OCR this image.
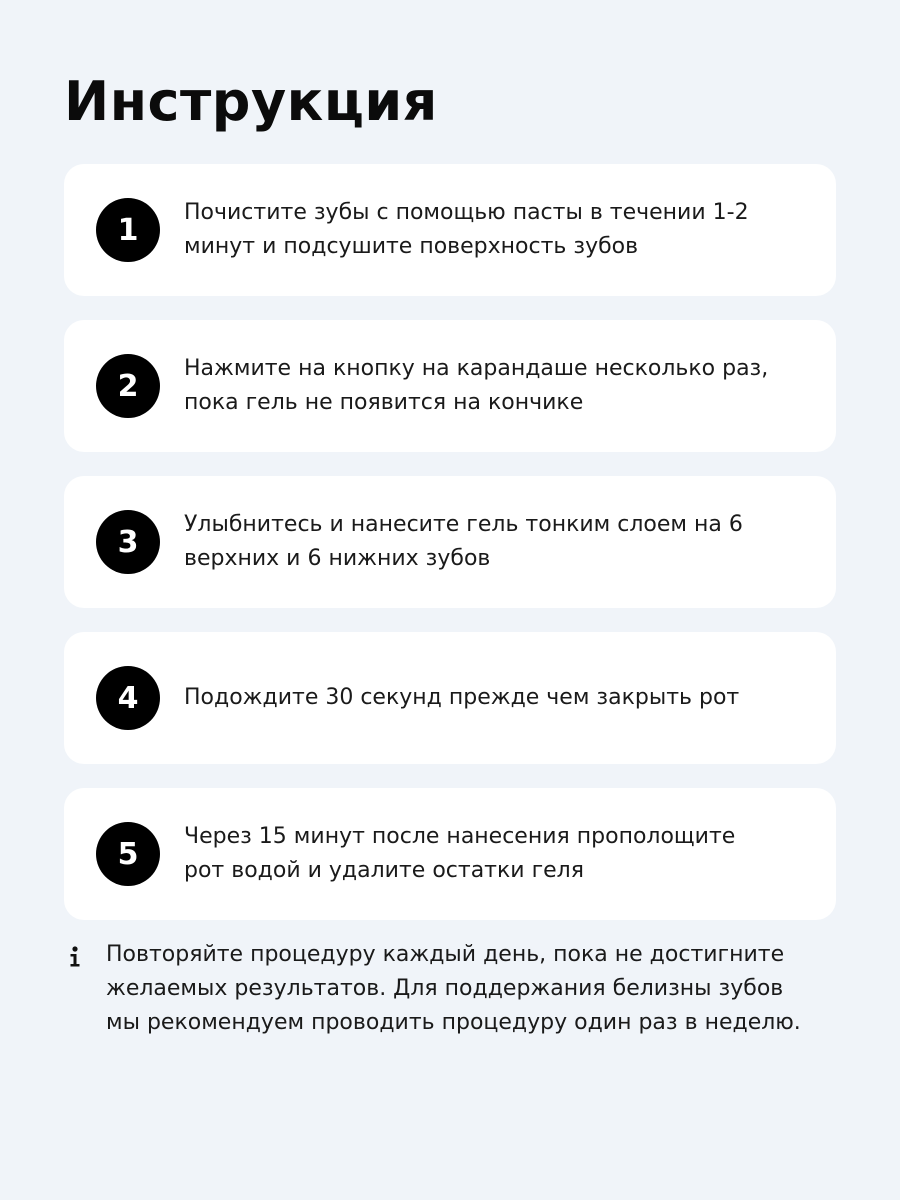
Инструкция
1	Почистите зубы с помощью пасты в течении 1-2 минут и подсушите поверхность зубов
2	Нажмите на кнопку на карандаше несколько раз, пока гель не появится на кончике
3	Улыбнитесь и нанесите гель тонким слоем на 6 верхних и 6 нижних зубов
4	Подождите 30 секунд прежде чем закрыть рот
5	Через 15 минут после нанесения прополощите рот водой и удалите остатки геля
Повторяйте процедуру каждый день, пока не достигните желаемых результатов. Для поддержания белизны зубов мы рекомендуем проводить процедуру один раз в неделю.
